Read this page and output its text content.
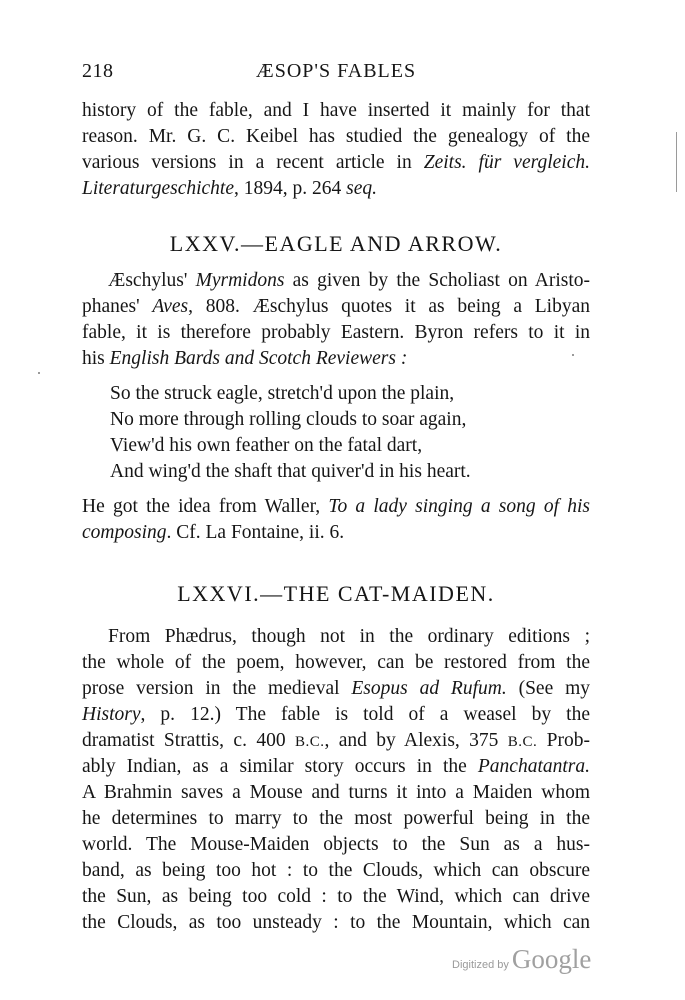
218	ÆSOP'S FABLES
history of the fable, and I have inserted it mainly for that
reason. Mr. G. C. Keibel has studied the genealogy of the
various versions in a recent article in Zeits. für vergleich.
Literaturgeschichte, 1894, p. 264 seq.
LXXV.—EAGLE AND ARROW.
Æschylus' Myrmidons as given by the Scholiast on Aristo-
phanes' Aves, 808. Æschylus quotes it as being a Libyan
fable, it is therefore probably Eastern. Byron refers to it in
his English Bards and Scotch Reviewers :
So the struck eagle, stretch'd upon the plain,
No more through rolling clouds to soar again,
View'd his own feather on the fatal dart,
And wing'd the shaft that quiver'd in his heart.
He got the idea from Waller, To a lady singing a song of his
composing. Cf. La Fontaine, ii. 6.
LXXVI.—THE CAT-MAIDEN.
From Phædrus, though not in the ordinary editions ;
the whole of the poem, however, can be restored from the
prose version in the medieval Esopus ad Rufum. (See my
History, p. 12.) The fable is told of a weasel by the
dramatist Strattis, c. 400 B.C., and by Alexis, 375 B.C. Prob-
ably Indian, as a similar story occurs in the Panchatantra.
A Brahmin saves a Mouse and turns it into a Maiden whom
he determines to marry to the most powerful being in the
world. The Mouse-Maiden objects to the Sun as a hus-
band, as being too hot : to the Clouds, which can obscure
the Sun, as being too cold : to the Wind, which can drive
the Clouds, as too unsteady : to the Mountain, which can
Digitized by Google
